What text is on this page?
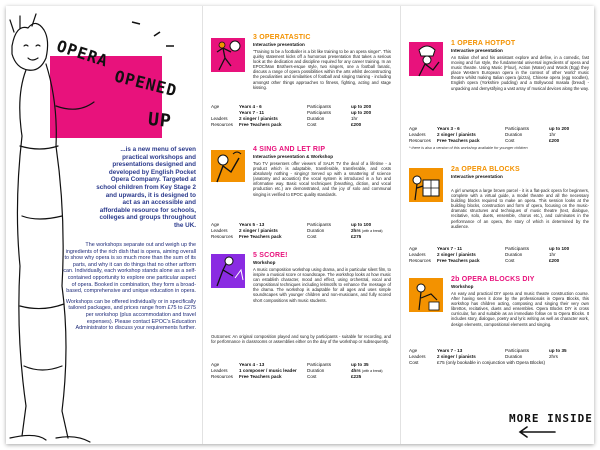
OPERA
OPENED
UP
...is a new menu of seven practical workshops and presentations designed and developed by English Pocket Opera Company. Targeted at school children from Key Stage 2 and upwards, it is designed to act as an accessible and affordable resource for schools, colleges and groups throughout the UK.

The workshops separate out and weigh up the ingredients of the rich dish that is opera, aiming overall to show why opera is so much more than the sum of its parts, and why it can do things that no other artform can. Individually, each workshop stands alone as a self-contained opportunity to explore one particular aspect of opera. Booked in combination, they form a broad-based, comprehensive and unique education in opera.

Workshops can be offered individually or in specifically tailored packages, and prices range from £75 to £275 per workshop (plus accommodation and travel expenses). Please contact EPOC's Education Administrator to discuss your requirements further.

3 OPERATASTIC
Interactive presentation
"Training to be a footballer is a bit like training to be an opera singer". This quirky statement kicks off a humorous presentation that takes a serious look at the dedication and discipline required for any career training. In an EPOC/Man Brothers-esque style, two singers, one a football fanatic, discuss a range of opera possibilities within the arts whilst deconstructing the peculiarities and similarities of football and singing training - including amongst other things approaches to fitness, fighting, acting and stage kissing.
Age	Years 4 - 6	Participants	up to 200
Years 7 - 11	Participants	up to 200
Leaders	2 singer / pianists	Duration	1hr
Resources	Free Teachers pack	Cost	£200
4 SING AND LET RIP
Interactive presentation & Workshop
Two TV presenters offer viewers of SALR TV the deal of a lifetime - a product which is adaptable, transferable, transferable, and costs absolutely nothing - singing! Served up with a smattering of science (anatomy and acoustics) the vocal system is introduced in a fun and informative way. Basic vocal techniques (breathing, diction, and vocal production etc.) are demonstrated, and the joy of solo and communal singing is verified to EPOC quality standards.
Age	Years 5 - 13	Participants	up to 100
Leaders	2 singer / pianists	Duration	2hrs (with a break)
Resources	Free Teachers pack	Cost	£275
5 SCORE!
Workshop
A music composition workshop using drama, and in particular silent film, to inspire a musical score or soundscape. The workshop looks at how music can establish character, mood and effect, using orchestral, vocal and compositional techniques including leitmotifs to enhance the message of the drama. The workshop is adaptable for all ages and uses simple soundscapes with younger children and non-musicians, and fully scored short compositions with music students.
Outcomes: An original composition played and sung by participants - suitable for recording, and for performance in classrooms or assemblies either on the day of the workshop or subsequently.
Age	Years 4 - 13	Participants	up to 35
Leaders	1 composer / music leader	Duration	4hrs (with a break)
Resources	Free Teachers pack	Cost	£225
1 OPERA HOTPOT
Interactive presentation
An Italian chef and his assistant explore and define, in a comedic, fast moving and fun style, the fundamental universal ingredients of opera and music theatre. Using Music (Flour), Action (Water) and Words (Egg) they place Western European opera in the context of other 'world' music theatre whilst making Italian opera (pizza), Chinese opera (egg noodles), English opera (Yorkshire pudding) and a Bollywood masala (bread) - unpacking and demystifying a vast array of musical devices along the way.
Age	Years 3 - 6	Participants	up to 200
Leaders	2 singer / pianists	Duration	1hr
Resources	Free Teachers pack	Cost	£200
* there is also a version of this workshop available for younger children
2a OPERA BLOCKS
Interactive presentation
A girl unwraps a large brown parcel - it is a flat-pack opera for beginners, complete with a virtual guide, a model theatre and all the necessary building blocks required to make an opera. This session looks at the building blocks, construction and form of opera, focusing on the music-dramatic structures and techniques of music theatre (text, dialogue, recitative, solo, duets, ensemble, chorus etc.), and culminates in the performance of an opera, the story of which is determined by the audience.
Age	Years 7 - 11	Participants	up to 100
Leaders	2 singer / pianists	Duration	1hr
Resources	Free Teachers pack	Cost	£200
2b OPERA BLOCKS DIY
Workshop
An easy and practical DIY opera and music theatre construction course. After having seen it done by the professionals in Opera Blocks, this workshop has children acting, composing and singing their very own librettos, recitatives, duets and ensembles. Opera Blocks DIY is cross curricular, fun and suitable as an immediate follow on to Opera Blocks. It includes story, dialogue, poetry and lyric writing as well as character work, design elements, compositional elements and singing.
Age	Years 7 - 13	Participants	up to 35
Leaders	2 singer / pianists	Duration	2hrs
Cost	£75 (only bookable in conjunction with Opera Blocks)
MORE INSIDE
